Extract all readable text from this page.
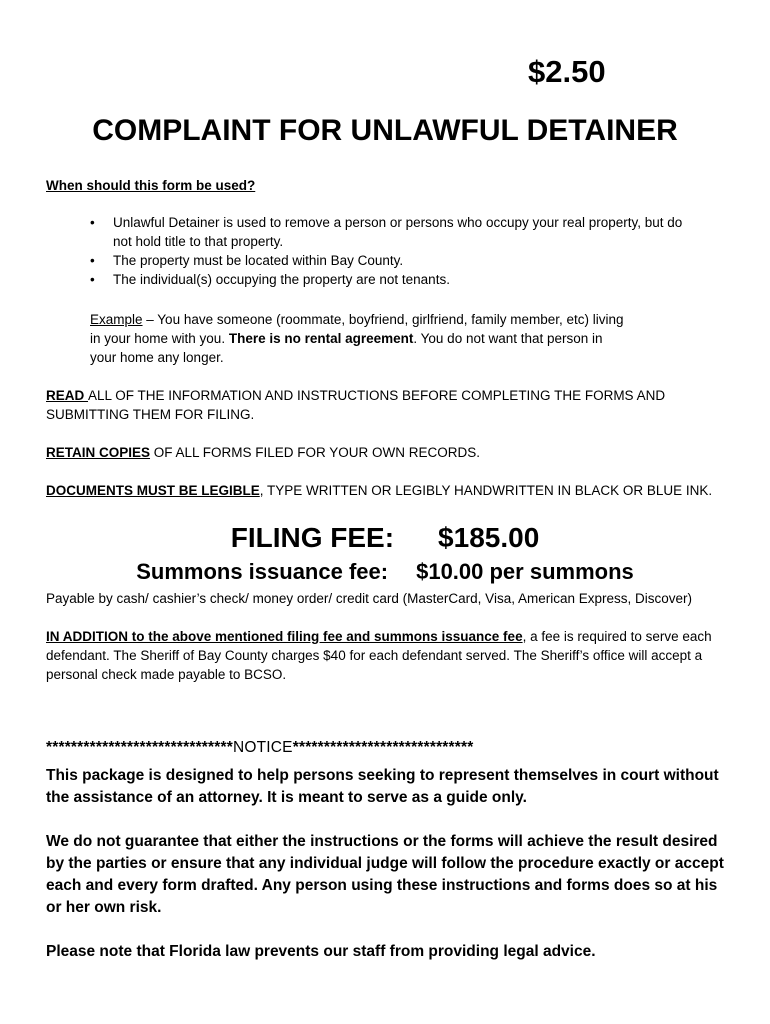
$2.50
COMPLAINT FOR UNLAWFUL DETAINER
When should this form be used?
• Unlawful Detainer is used to remove a person or persons who occupy your real property, but do
not hold title to that property.
• The property must be located within Bay County.
• The individual(s) occupying the property are not tenants.
Example – You have someone (roommate, boyfriend, girlfriend, family member, etc) living
in your home with you. There is no rental agreement. You do not want that person in
your home any longer.
READ ALL OF THE INFORMATION AND INSTRUCTIONS BEFORE COMPLETING THE FORMS AND
SUBMITTING THEM FOR FILING.
RETAIN COPIES OF ALL FORMS FILED FOR YOUR OWN RECORDS.
DOCUMENTS MUST BE LEGIBLE, TYPE WRITTEN OR LEGIBLY HANDWRITTEN IN BLACK OR BLUE INK.
FILING FEE: $185.00
Summons issuance fee: $10.00 per summons
Payable by cash/ cashier’s check/ money order/ credit card (MasterCard, Visa, American Express, Discover)
IN ADDITION to the above mentioned filing fee and summons issuance fee, a fee is required to serve each
defendant. The Sheriff of Bay County charges $40 for each defendant served. The Sheriff’s office will accept a
personal check made payable to BCSO.
******************************NOTICE*****************************
This package is designed to help persons seeking to represent themselves in court without
the assistance of an attorney. It is meant to serve as a guide only.
We do not guarantee that either the instructions or the forms will achieve the result desired
by the parties or ensure that any individual judge will follow the procedure exactly or accept
each and every form drafted. Any person using these instructions and forms does so at his
or her own risk.
Please note that Florida law prevents our staff from providing legal advice.
